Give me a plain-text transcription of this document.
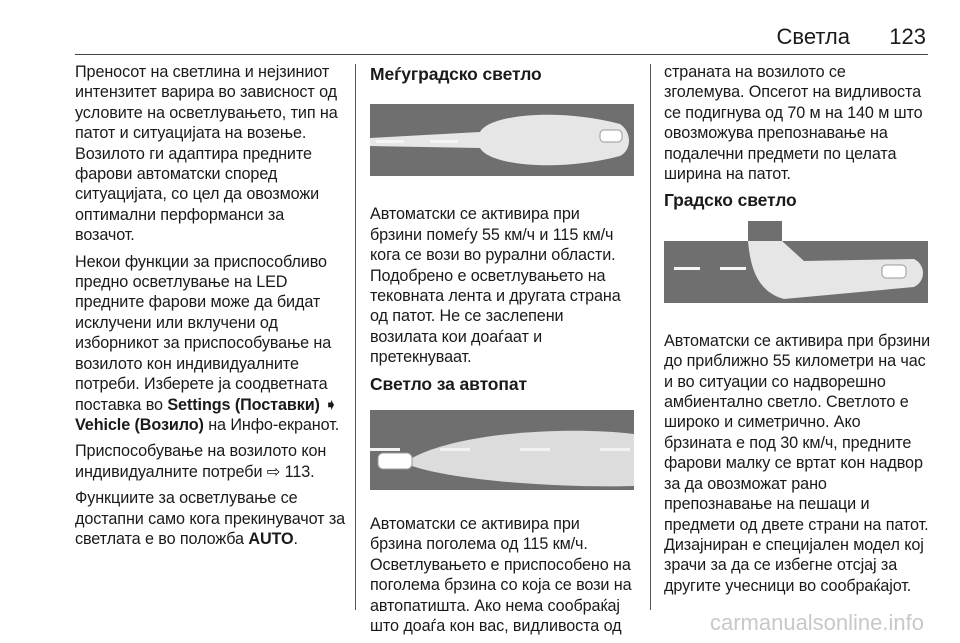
Светла 123

Преносот на светлина и нејзиниот интензитет варира во зависност од условите на осветлувањето, тип на патот и ситуацијата на возење. Возилото ги адаптира предните фарови автоматски според ситуацијата, со цел да овозможи оптимални перформанси за возачот.

Некои функции за приспособливо предно осветлување на LED предните фарови може да бидат исклучени или вклучени од изборникот за приспособување на возилото кон индивидуалните потреби. Изберете ја соодветната поставка во Settings (Поставки) ➧ Vehicle (Возило) на Инфо-екранот.

Приспособување на возилото кон индивидуалните потреби ⇨ 113.

Функциите за осветлување се достапни само кога прекинувачот за светлата е во положба AUTO.

Меѓуградско светло

Автоматски се активира при брзини помеѓу 55 км/ч и 115 км/ч кога се вози во рурални области. Подобрено е осветлувањето на тековната лента и другата страна од патот. Не се заслепени возилата кои доаѓаат и претекнуваат.

Светло за автопат

Автоматски се активира при брзина поголема од 115 км/ч. Осветлувањето е приспособено на поголема брзина со која се вози на автопатишта. Ако нема сообраќај што доаѓа кон вас, видливоста од

страната на возилото се зголемува. Опсегот на видливоста се подигнува од 70 м на 140 м што овозможува препознавање на подалечни предмети по целата ширина на патот.

Градско светло

Автоматски се активира при брзини до приближно 55 километри на час и во ситуации со надворешно амбиентално светло. Светлото е широко и симетрично. Ако брзината е под 30 км/ч, предните фарови малку се вртат кон надвор за да овозможат рано препознавање на пешаци и предмети од двете страни на патот. Дизајниран е специјален модел кој зрачи за да се избегне отсјај за другите учесници во сообраќајот.

carmanualsonline.info
